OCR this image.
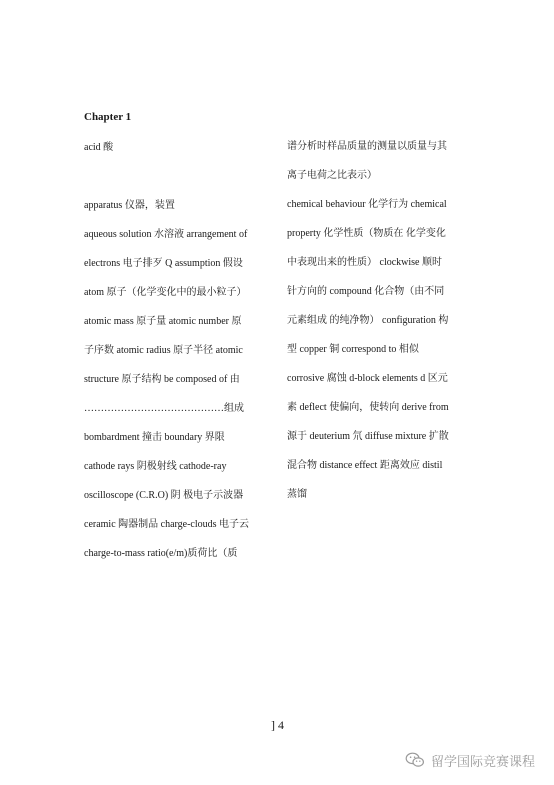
Chapter 1
acid 酸
apparatus 仪器，装置
aqueous solution 水溶液 arrangement of
electrons 电子排歹 Q assumption 假设
atom 原子（化学变化中的最小粒子）
atomic mass 原子量 atomic number 原
子序数 atomic radius 原子半径 atomic
structure 原子结构 be composed of 由
……………………………………组成
bombardment 撞击 boundary 界限
cathode rays 阴极射线 cathode-ray
oscilloscope (C.R.O) 阴 极电子示波器
ceramic 陶器制品 charge-clouds 电子云
charge-to-mass ratio(e/m)质荷比（质
谱分析时样品质量的测量以质量与其
离子电荷之比表示）
chemical behaviour 化学行为 chemical
property 化学性质（物质在 化学变化
中表现出来的性质） clockwise 顺时
针方向的 compound 化合物（由不同
元素组成 的纯净物） configuration 构
型 copper 铜 correspond to 相似
corrosive 腐蚀 d-block elements d 区元
素 deflect 使偏向，使转向 derive from
源于 deuterium 氘 diffuse mixture 扩散
混合物 distance effect 距离效应 distil
蒸馏
] 4
留学国际竞赛课程
